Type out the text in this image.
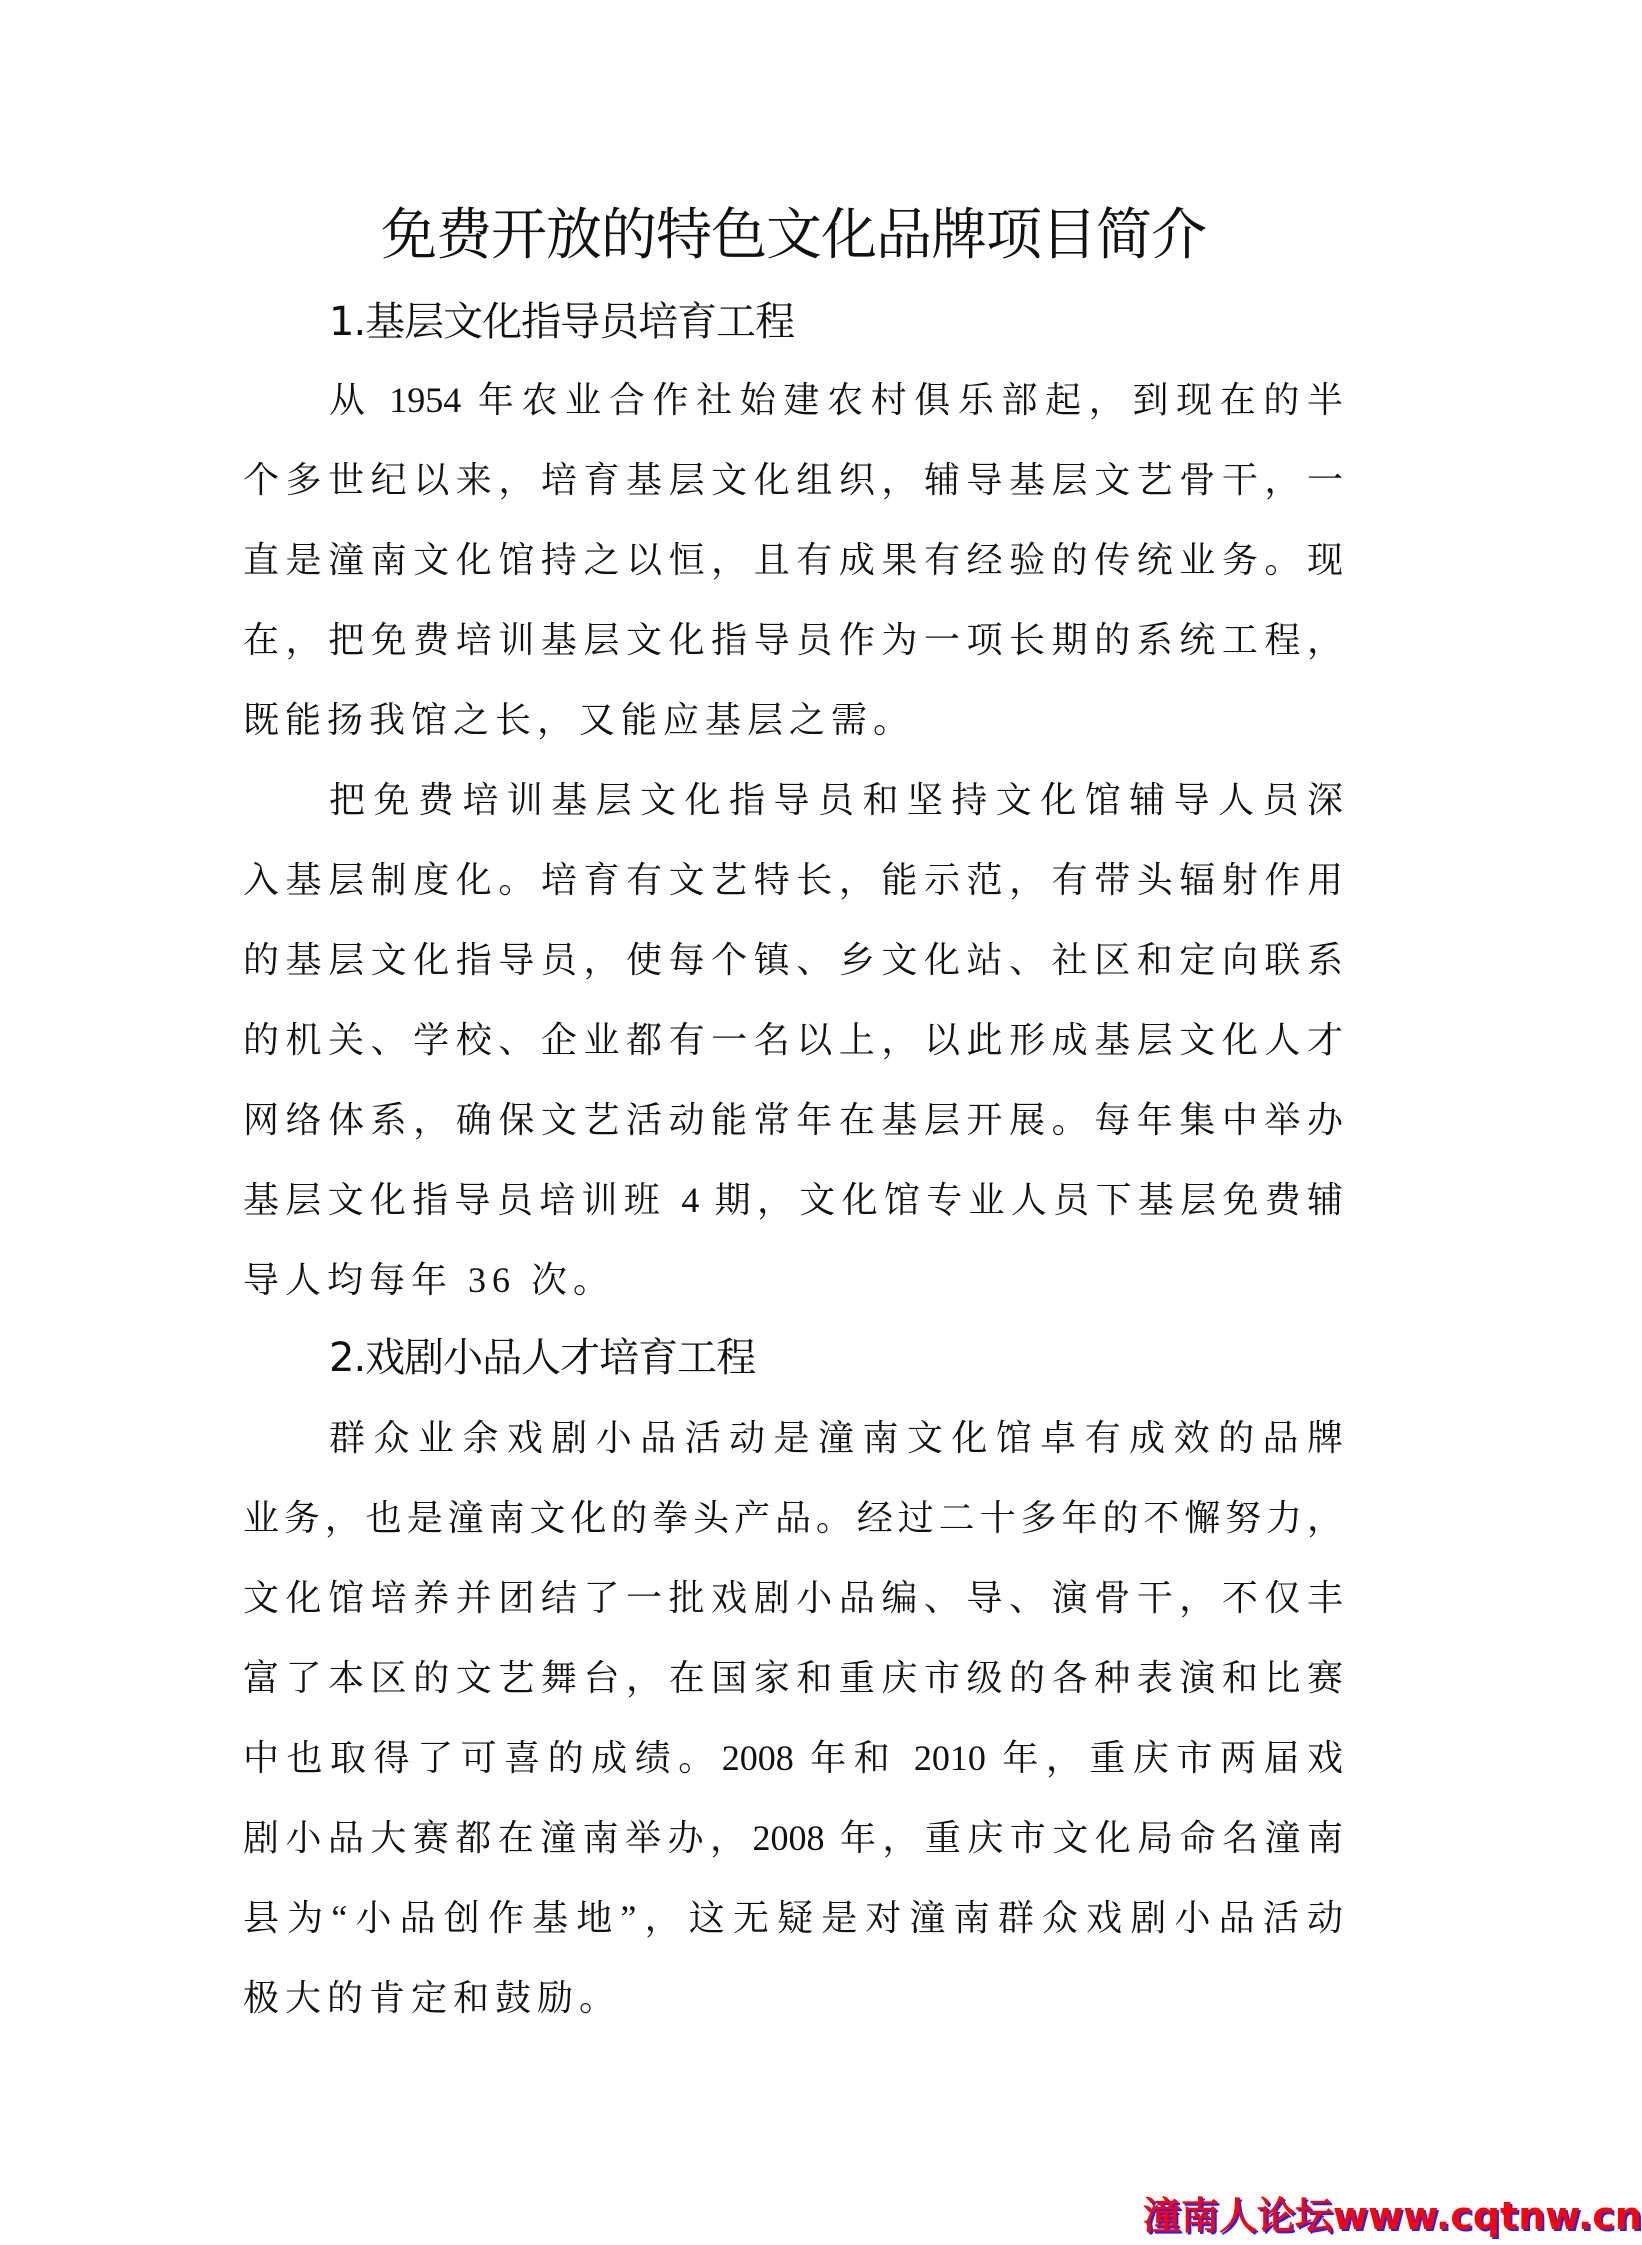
免费开放的特色文化品牌项目简介
1.基层文化指导员培育工程
从 1954 年农业合作社始建农村俱乐部起，到现在的半
个多世纪以来，培育基层文化组织，辅导基层文艺骨干，一
直是潼南文化馆持之以恒，且有成果有经验的传统业务。现
在，把免费培训基层文化指导员作为一项长期的系统工程，
既能扬我馆之长，又能应基层之需。
把免费培训基层文化指导员和坚持文化馆辅导人员深
入基层制度化。培育有文艺特长，能示范，有带头辐射作用
的基层文化指导员，使每个镇、乡文化站、社区和定向联系
的机关、学校、企业都有一名以上，以此形成基层文化人才
网络体系，确保文艺活动能常年在基层开展。每年集中举办
基层文化指导员培训班 4 期，文化馆专业人员下基层免费辅
导人均每年 36 次。
2.戏剧小品人才培育工程
群众业余戏剧小品活动是潼南文化馆卓有成效的品牌
业务，也是潼南文化的拳头产品。经过二十多年的不懈努力，
文化馆培养并团结了一批戏剧小品编、导、演骨干，不仅丰
富了本区的文艺舞台，在国家和重庆市级的各种表演和比赛
中也取得了可喜的成绩。2008 年和 2010 年，重庆市两届戏
剧小品大赛都在潼南举办，2008 年，重庆市文化局命名潼南
县为“小品创作基地”，这无疑是对潼南群众戏剧小品活动
极大的肯定和鼓励。
潼南人论坛www.cqtnw.cn
